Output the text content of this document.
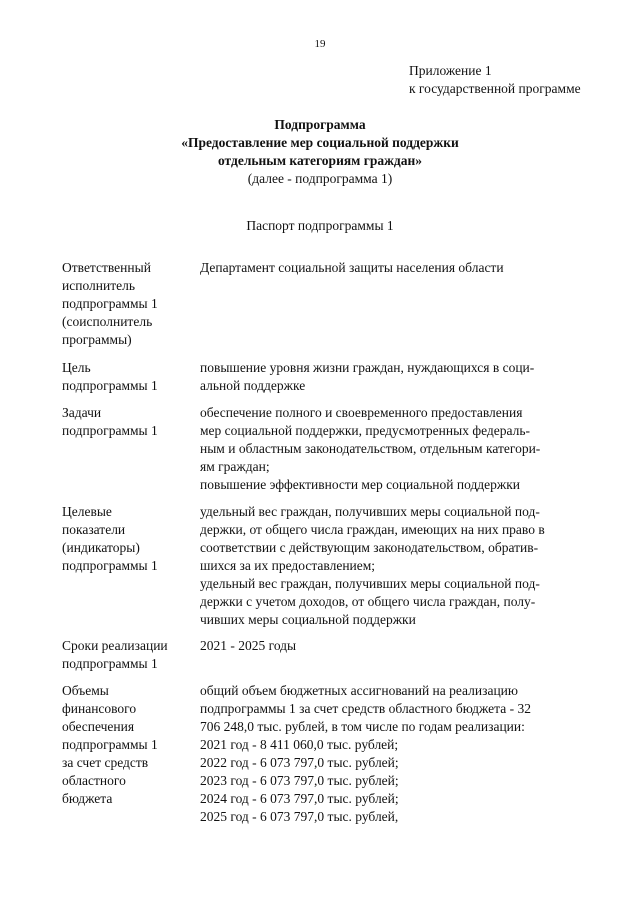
19
Приложение 1
к государственной программе
Подпрограмма
«Предоставление мер социальной поддержки
отдельным категориям граждан»
(далее - подпрограмма 1)
Паспорт подпрограммы 1
Ответственный
исполнитель
подпрограммы 1
(соисполнитель
программы)
Департамент социальной защиты населения области
Цель
подпрограммы 1
повышение уровня жизни граждан, нуждающихся в соци-
альной поддержке
Задачи
подпрограммы 1
обеспечение полного и своевременного предоставления
мер социальной поддержки, предусмотренных федераль-
ным и областным законодательством, отдельным категори-
ям граждан;
повышение эффективности мер социальной поддержки
Целевые
показатели
(индикаторы)
подпрограммы 1
удельный вес граждан, получивших меры социальной под-
держки, от общего числа граждан, имеющих на них право в
соответствии с действующим законодательством, обратив-
шихся за их предоставлением;
удельный вес граждан, получивших меры социальной под-
держки с учетом доходов, от общего числа граждан, полу-
чивших меры социальной поддержки
Сроки реализации
подпрограммы 1
2021 - 2025 годы
Объемы
финансового
обеспечения
подпрограммы 1
за счет средств
областного
бюджета
общий объем бюджетных ассигнований на реализацию
подпрограммы 1 за счет средств областного бюджета - 32
706 248,0 тыс. рублей, в том числе по годам реализации:
2021 год - 8 411 060,0 тыс. рублей;
2022 год - 6 073 797,0 тыс. рублей;
2023 год - 6 073 797,0 тыс. рублей;
2024 год - 6 073 797,0 тыс. рублей;
2025 год - 6 073 797,0 тыс. рублей,
